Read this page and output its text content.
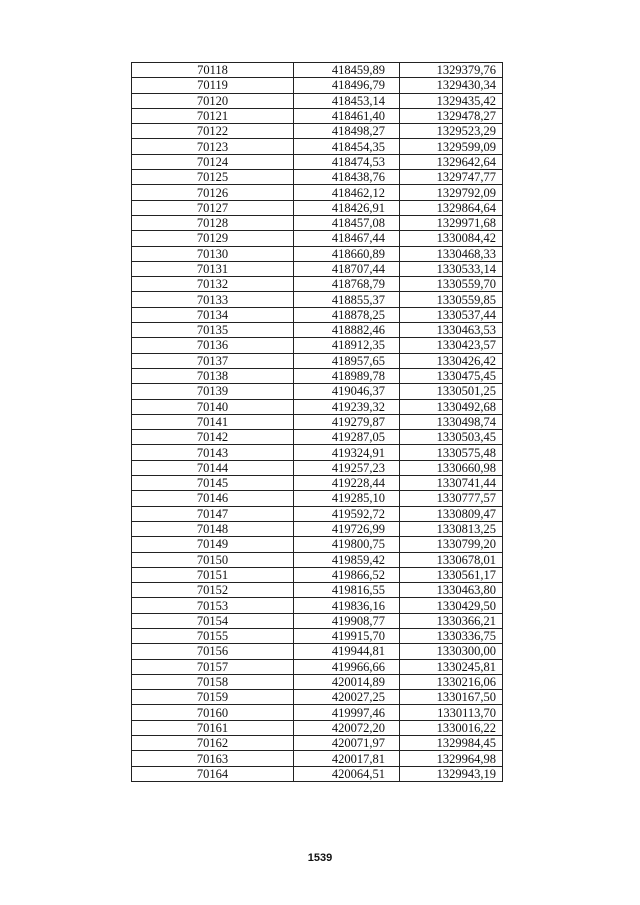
70118	418459,89	1329379,76
70119	418496,79	1329430,34
70120	418453,14	1329435,42
70121	418461,40	1329478,27
70122	418498,27	1329523,29
70123	418454,35	1329599,09
70124	418474,53	1329642,64
70125	418438,76	1329747,77
70126	418462,12	1329792,09
70127	418426,91	1329864,64
70128	418457,08	1329971,68
70129	418467,44	1330084,42
70130	418660,89	1330468,33
70131	418707,44	1330533,14
70132	418768,79	1330559,70
70133	418855,37	1330559,85
70134	418878,25	1330537,44
70135	418882,46	1330463,53
70136	418912,35	1330423,57
70137	418957,65	1330426,42
70138	418989,78	1330475,45
70139	419046,37	1330501,25
70140	419239,32	1330492,68
70141	419279,87	1330498,74
70142	419287,05	1330503,45
70143	419324,91	1330575,48
70144	419257,23	1330660,98
70145	419228,44	1330741,44
70146	419285,10	1330777,57
70147	419592,72	1330809,47
70148	419726,99	1330813,25
70149	419800,75	1330799,20
70150	419859,42	1330678,01
70151	419866,52	1330561,17
70152	419816,55	1330463,80
70153	419836,16	1330429,50
70154	419908,77	1330366,21
70155	419915,70	1330336,75
70156	419944,81	1330300,00
70157	419966,66	1330245,81
70158	420014,89	1330216,06
70159	420027,25	1330167,50
70160	419997,46	1330113,70
70161	420072,20	1330016,22
70162	420071,97	1329984,45
70163	420017,81	1329964,98
70164	420064,51	1329943,19
1539
